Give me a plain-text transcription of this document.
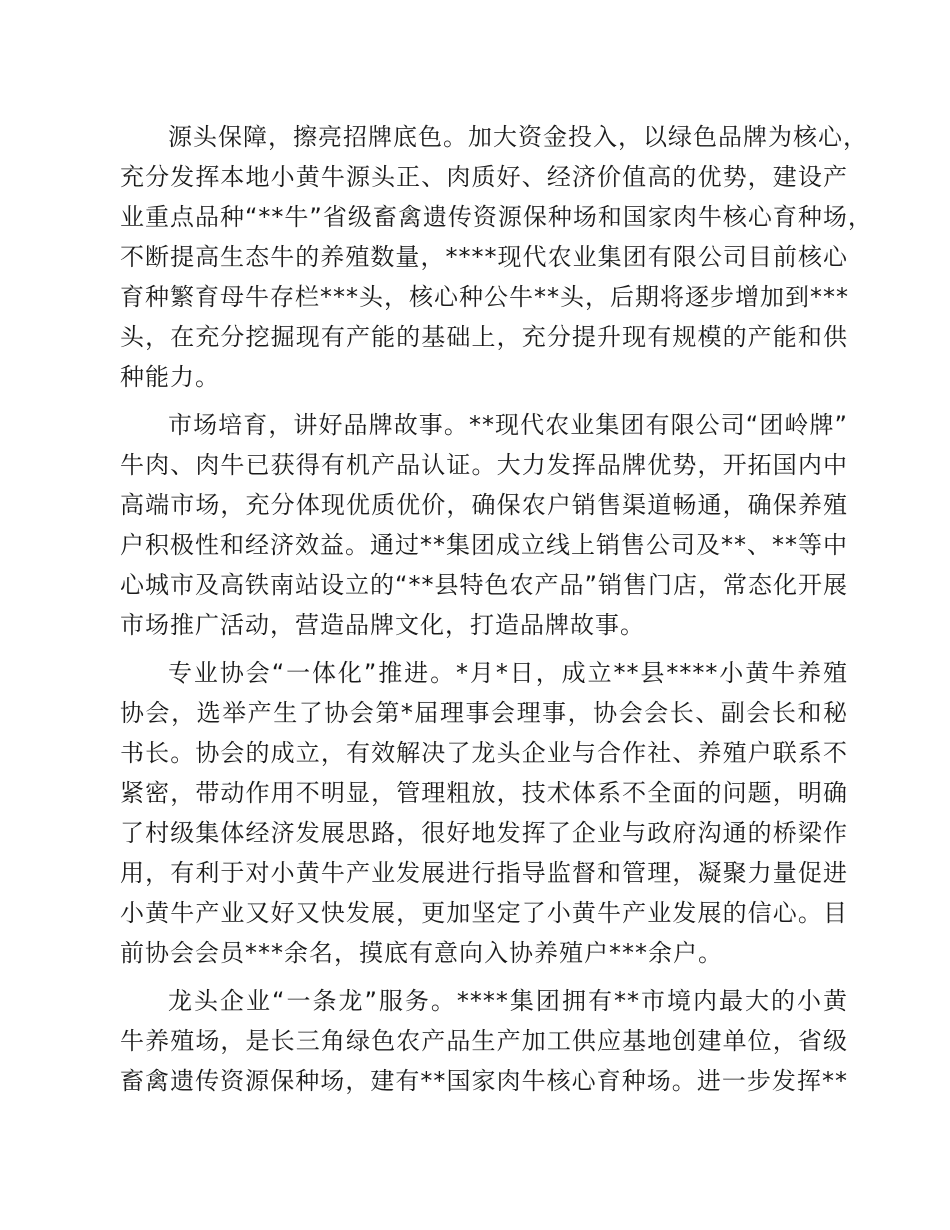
源头保障，擦亮招牌底色。加大资金投入，以绿色品牌为核心，
充分发挥本地小黄牛源头正、肉质好、经济价值高的优势，建设产
业重点品种“**牛”省级畜禽遗传资源保种场和国家肉牛核心育种场，
不断提高生态牛的养殖数量，****现代农业集团有限公司目前核心
育种繁育母牛存栏***头，核心种公牛**头，后期将逐步增加到***
头，在充分挖掘现有产能的基础上，充分提升现有规模的产能和供
种能力。
市场培育，讲好品牌故事。**现代农业集团有限公司“团岭牌”
牛肉、肉牛已获得有机产品认证。大力发挥品牌优势，开拓国内中
高端市场，充分体现优质优价，确保农户销售渠道畅通，确保养殖
户积极性和经济效益。通过**集团成立线上销售公司及**、**等中
心城市及高铁南站设立的“**县特色农产品”销售门店，常态化开展
市场推广活动，营造品牌文化，打造品牌故事。
专业协会“一体化”推进。*月*日，成立**县****小黄牛养殖
协会，选举产生了协会第*届理事会理事，协会会长、副会长和秘
书长。协会的成立，有效解决了龙头企业与合作社、养殖户联系不
紧密，带动作用不明显，管理粗放，技术体系不全面的问题，明确
了村级集体经济发展思路，很好地发挥了企业与政府沟通的桥梁作
用，有利于对小黄牛产业发展进行指导监督和管理，凝聚力量促进
小黄牛产业又好又快发展，更加坚定了小黄牛产业发展的信心。目
前协会会员***余名，摸底有意向入协养殖户***余户。
龙头企业“一条龙”服务。****集团拥有**市境内最大的小黄
牛养殖场，是长三角绿色农产品生产加工供应基地创建单位，省级
畜禽遗传资源保种场，建有**国家肉牛核心育种场。进一步发挥**
